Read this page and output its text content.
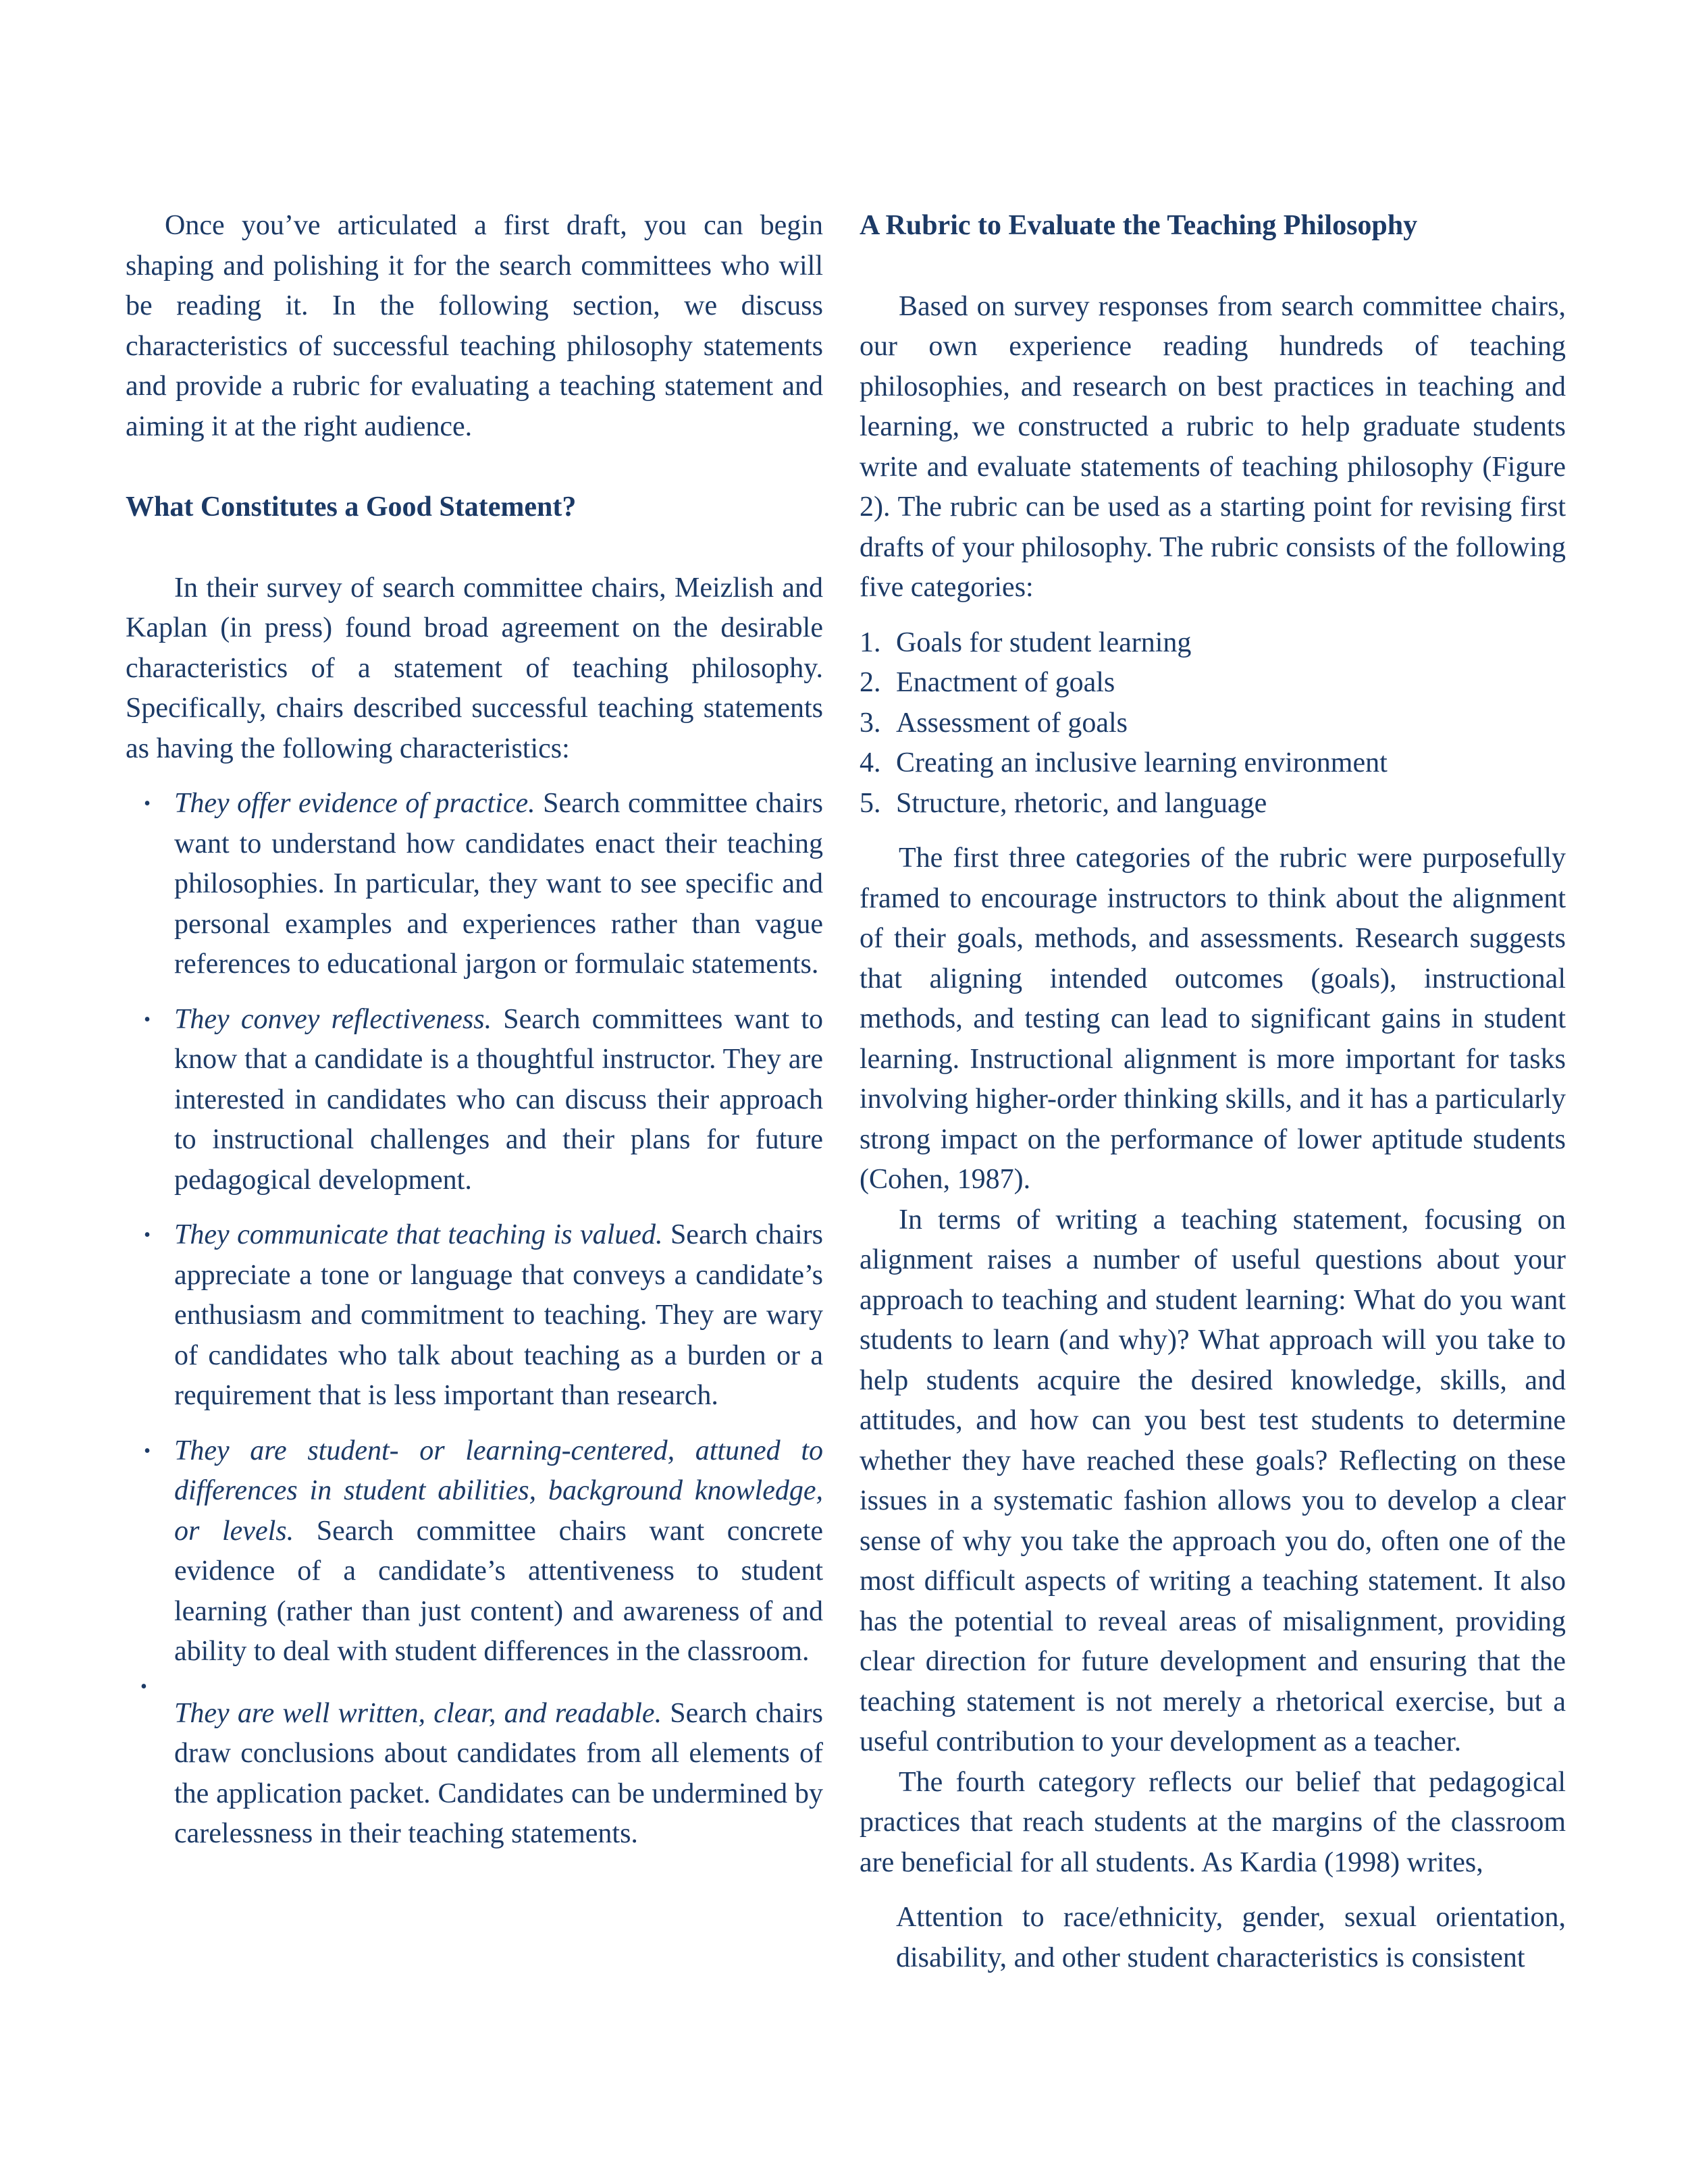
Once you’ve articulated a first draft, you can begin shaping and polishing it for the search committees who will be reading it. In the following section, we discuss characteristics of successful teaching philosophy statements and provide a rubric for evaluating a teaching statement and aiming it at the right audience.

What Constitutes a Good Statement?

In their survey of search committee chairs, Meizlish and Kaplan (in press) found broad agreement on the desirable characteristics of a statement of teaching philosophy. Specifically, chairs described successful teaching statements as having the following characteristics:

• They offer evidence of practice. Search committee chairs want to understand how candidates enact their teaching philosophies. In particular, they want to see specific and personal examples and experiences rather than vague references to educational jargon or formulaic statements.
• They convey reflectiveness. Search committees want to know that a candidate is a thoughtful instructor. They are interested in candidates who can discuss their approach to instructional challenges and their plans for future pedagogical development.
• They communicate that teaching is valued. Search chairs appreciate a tone or language that conveys a candidate’s enthusiasm and commitment to teaching. They are wary of candidates who talk about teaching as a burden or a requirement that is less important than research.
• They are student- or learning-centered, attuned to differences in student abilities, background knowledge, or levels. Search committee chairs want concrete evidence of a candidate’s attentiveness to student learning (rather than just content) and awareness of and ability to deal with student differences in the classroom.
•
They are well written, clear, and readable. Search chairs draw conclusions about candidates from all elements of the application packet. Candidates can be undermined by carelessness in their teaching statements.

A Rubric to Evaluate the Teaching Philosophy

Based on survey responses from search committee chairs, our own experience reading hundreds of teaching philosophies, and research on best practices in teaching and learning, we constructed a rubric to help graduate students write and evaluate statements of teaching philosophy (Figure 2). The rubric can be used as a starting point for revising first drafts of your philosophy. The rubric consists of the following five categories:

1. Goals for student learning
2. Enactment of goals
3. Assessment of goals
4. Creating an inclusive learning environment
5. Structure, rhetoric, and language

The first three categories of the rubric were purposefully framed to encourage instructors to think about the alignment of their goals, methods, and assessments. Research suggests that aligning intended outcomes (goals), instructional methods, and testing can lead to significant gains in student learning. Instructional alignment is more important for tasks involving higher-order thinking skills, and it has a particularly strong impact on the performance of lower aptitude students (Cohen, 1987).

In terms of writing a teaching statement, focusing on alignment raises a number of useful questions about your approach to teaching and student learning: What do you want students to learn (and why)? What approach will you take to help students acquire the desired knowledge, skills, and attitudes, and how can you best test students to determine whether they have reached these goals? Reflecting on these issues in a systematic fashion allows you to develop a clear sense of why you take the approach you do, often one of the most difficult aspects of writing a teaching statement. It also has the potential to reveal areas of misalignment, providing clear direction for future development and ensuring that the teaching statement is not merely a rhetorical exercise, but a useful contribution to your development as a teacher.

The fourth category reflects our belief that pedagogical practices that reach students at the margins of the classroom are beneficial for all students. As Kardia (1998) writes,

Attention to race/ethnicity, gender, sexual orientation, disability, and other student characteristics is consistent
